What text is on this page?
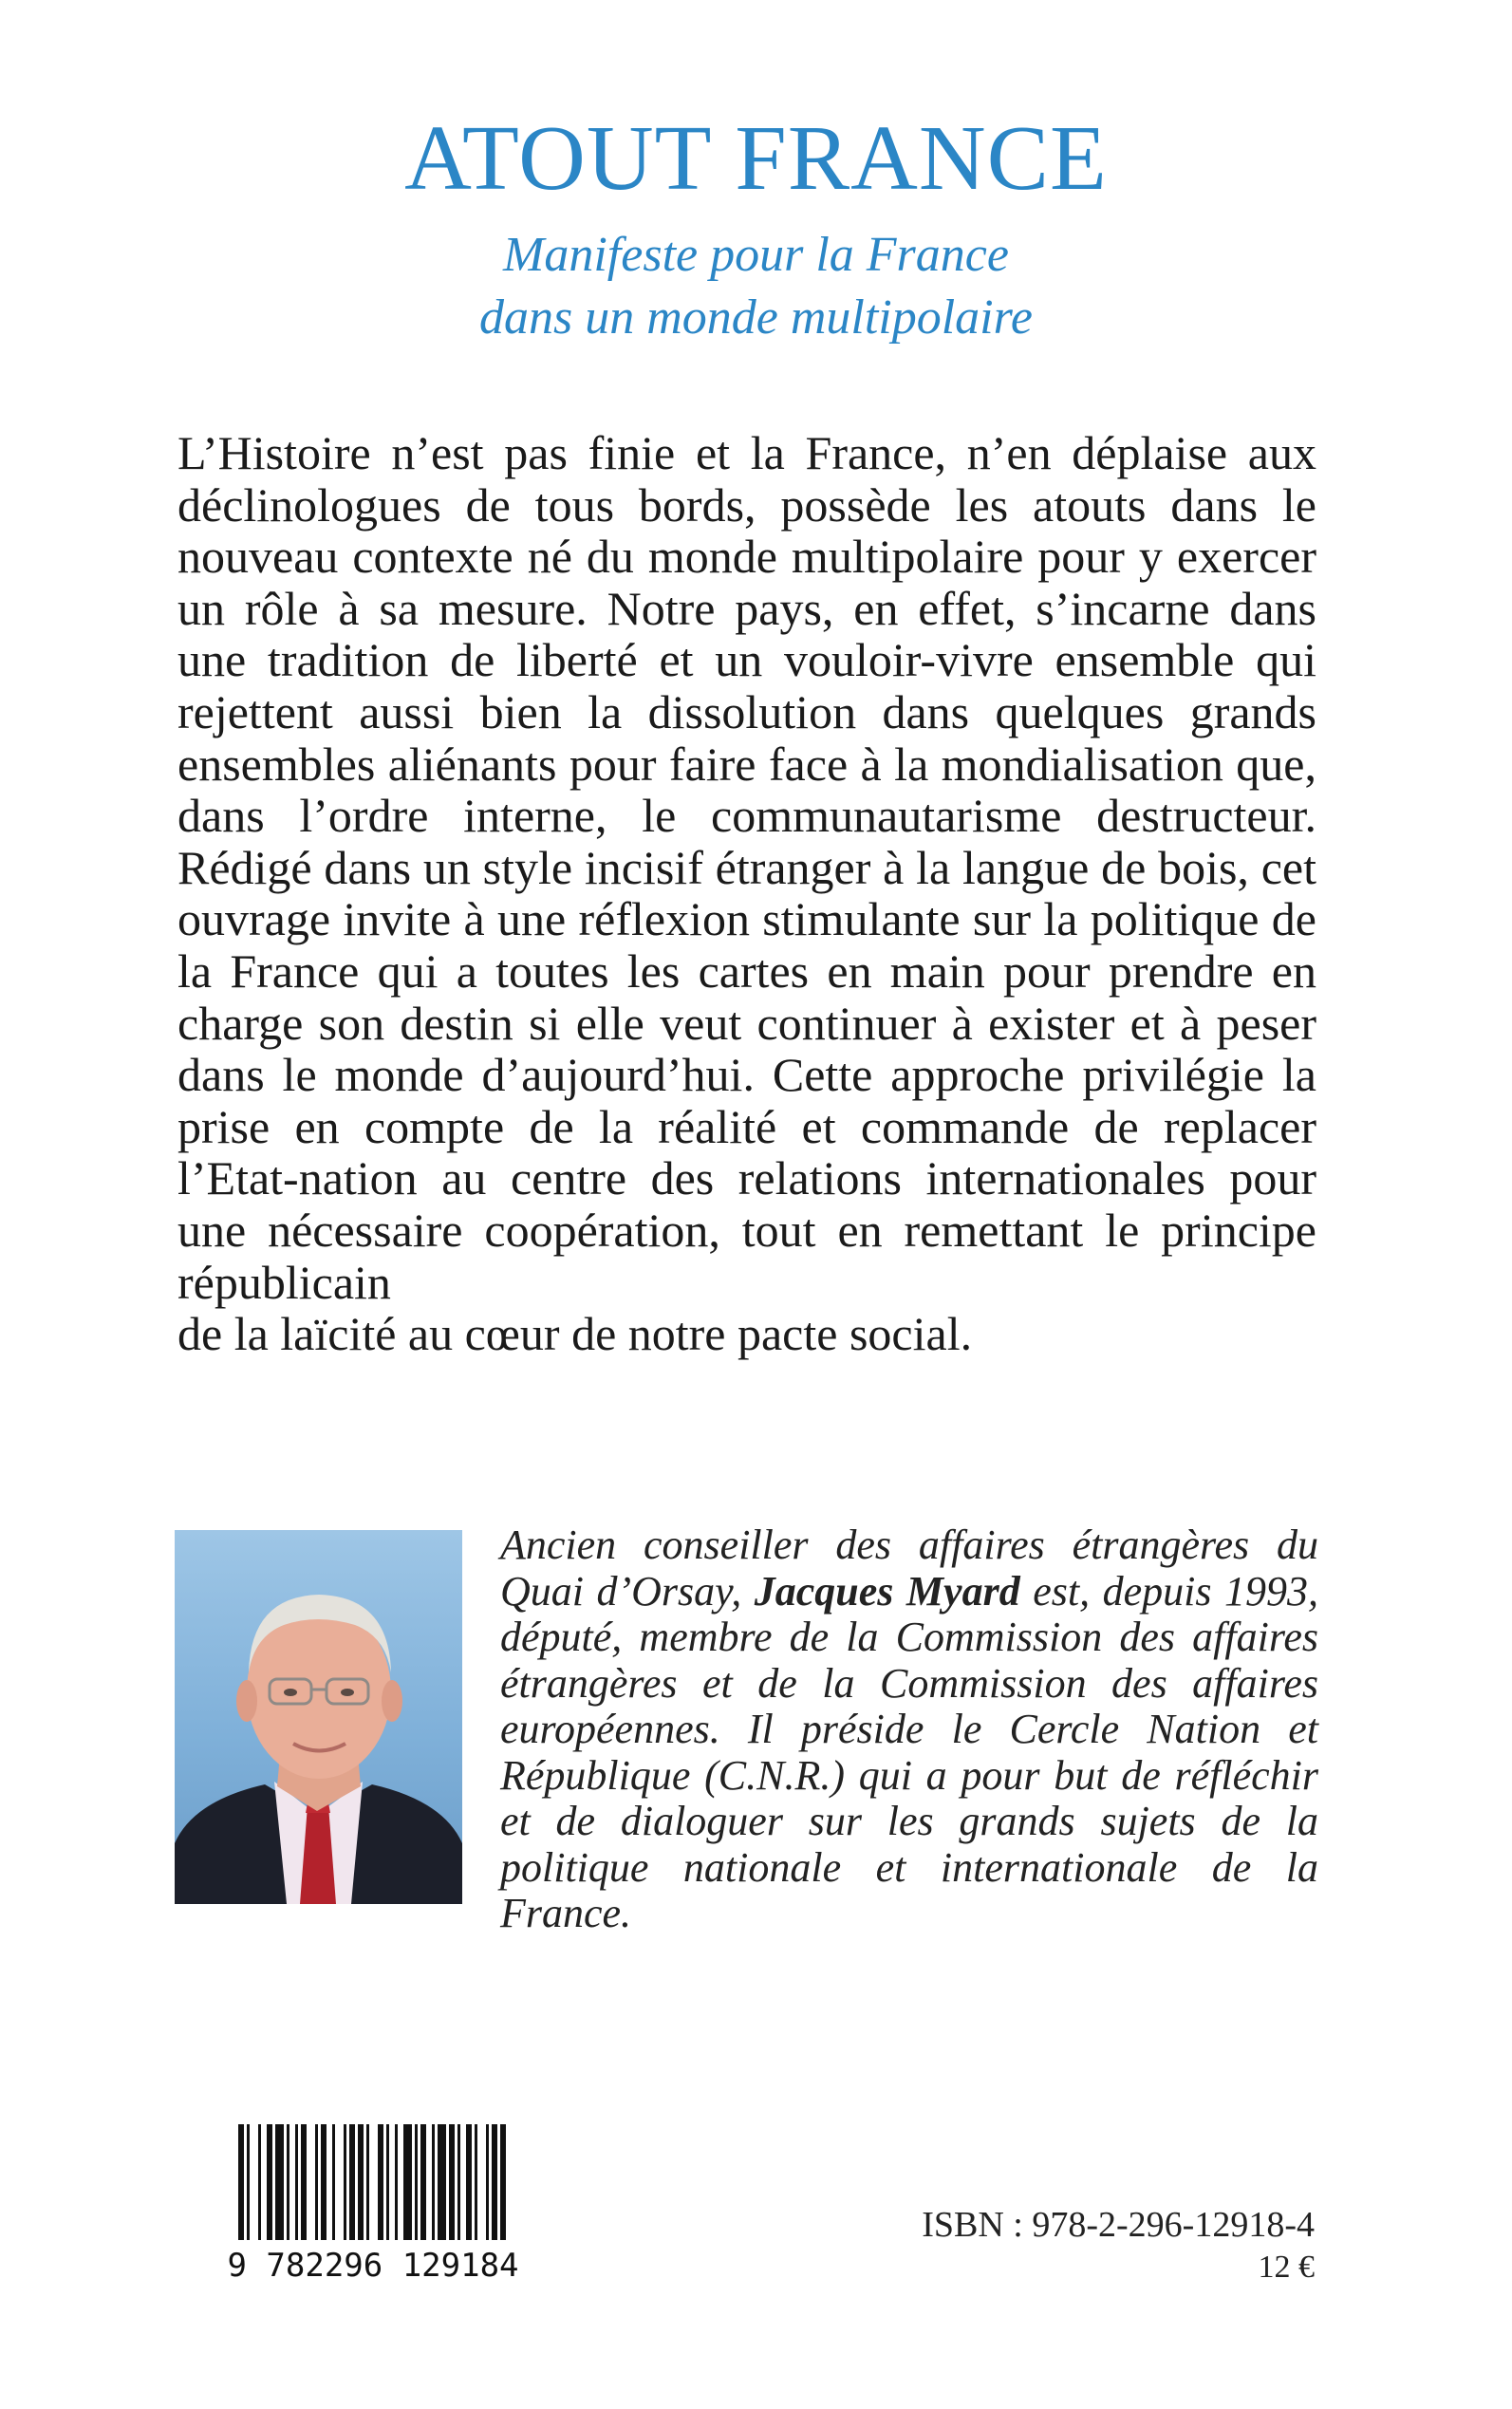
ATOUT FRANCE
Manifeste pour la France
dans un monde multipolaire

L’Histoire n’est pas finie et la France, n’en déplaise aux déclinologues de tous bords, possède les atouts dans le nouveau contexte né du monde multipolaire pour y exercer un rôle à sa mesure. Notre pays, en effet, s’incarne dans une tradition de liberté et un vouloir-vivre ensemble qui rejettent aussi bien la dissolution dans quelques grands ensembles aliénants pour faire face à la mondialisation que, dans l’ordre interne, le communautarisme destructeur. Rédigé dans un style incisif étranger à la langue de bois, cet ouvrage invite à une réflexion stimulante sur la politique de la France qui a toutes les cartes en main pour prendre en charge son destin si elle veut continuer à exister et à peser dans le monde d’aujourd’hui. Cette approche privilégie la prise en compte de la réalité et commande de replacer l’Etat-nation au centre des relations internationales pour une nécessaire coopération, tout en remettant le principe républicain
de la laïcité au cœur de notre pacte social.

Ancien conseiller des affaires étrangères du Quai d’Orsay, Jacques Myard est, depuis 1993, député, membre de la Commission des affaires étrangères et de la Commission des affaires européennes. Il préside le Cercle Nation et République (C.N.R.) qui a pour but de réfléchir et de dialoguer sur les grands sujets de la politique nationale et internationale de la France.
9 782296 129184
ISBN : 978-2-296-12918-4
12 €
